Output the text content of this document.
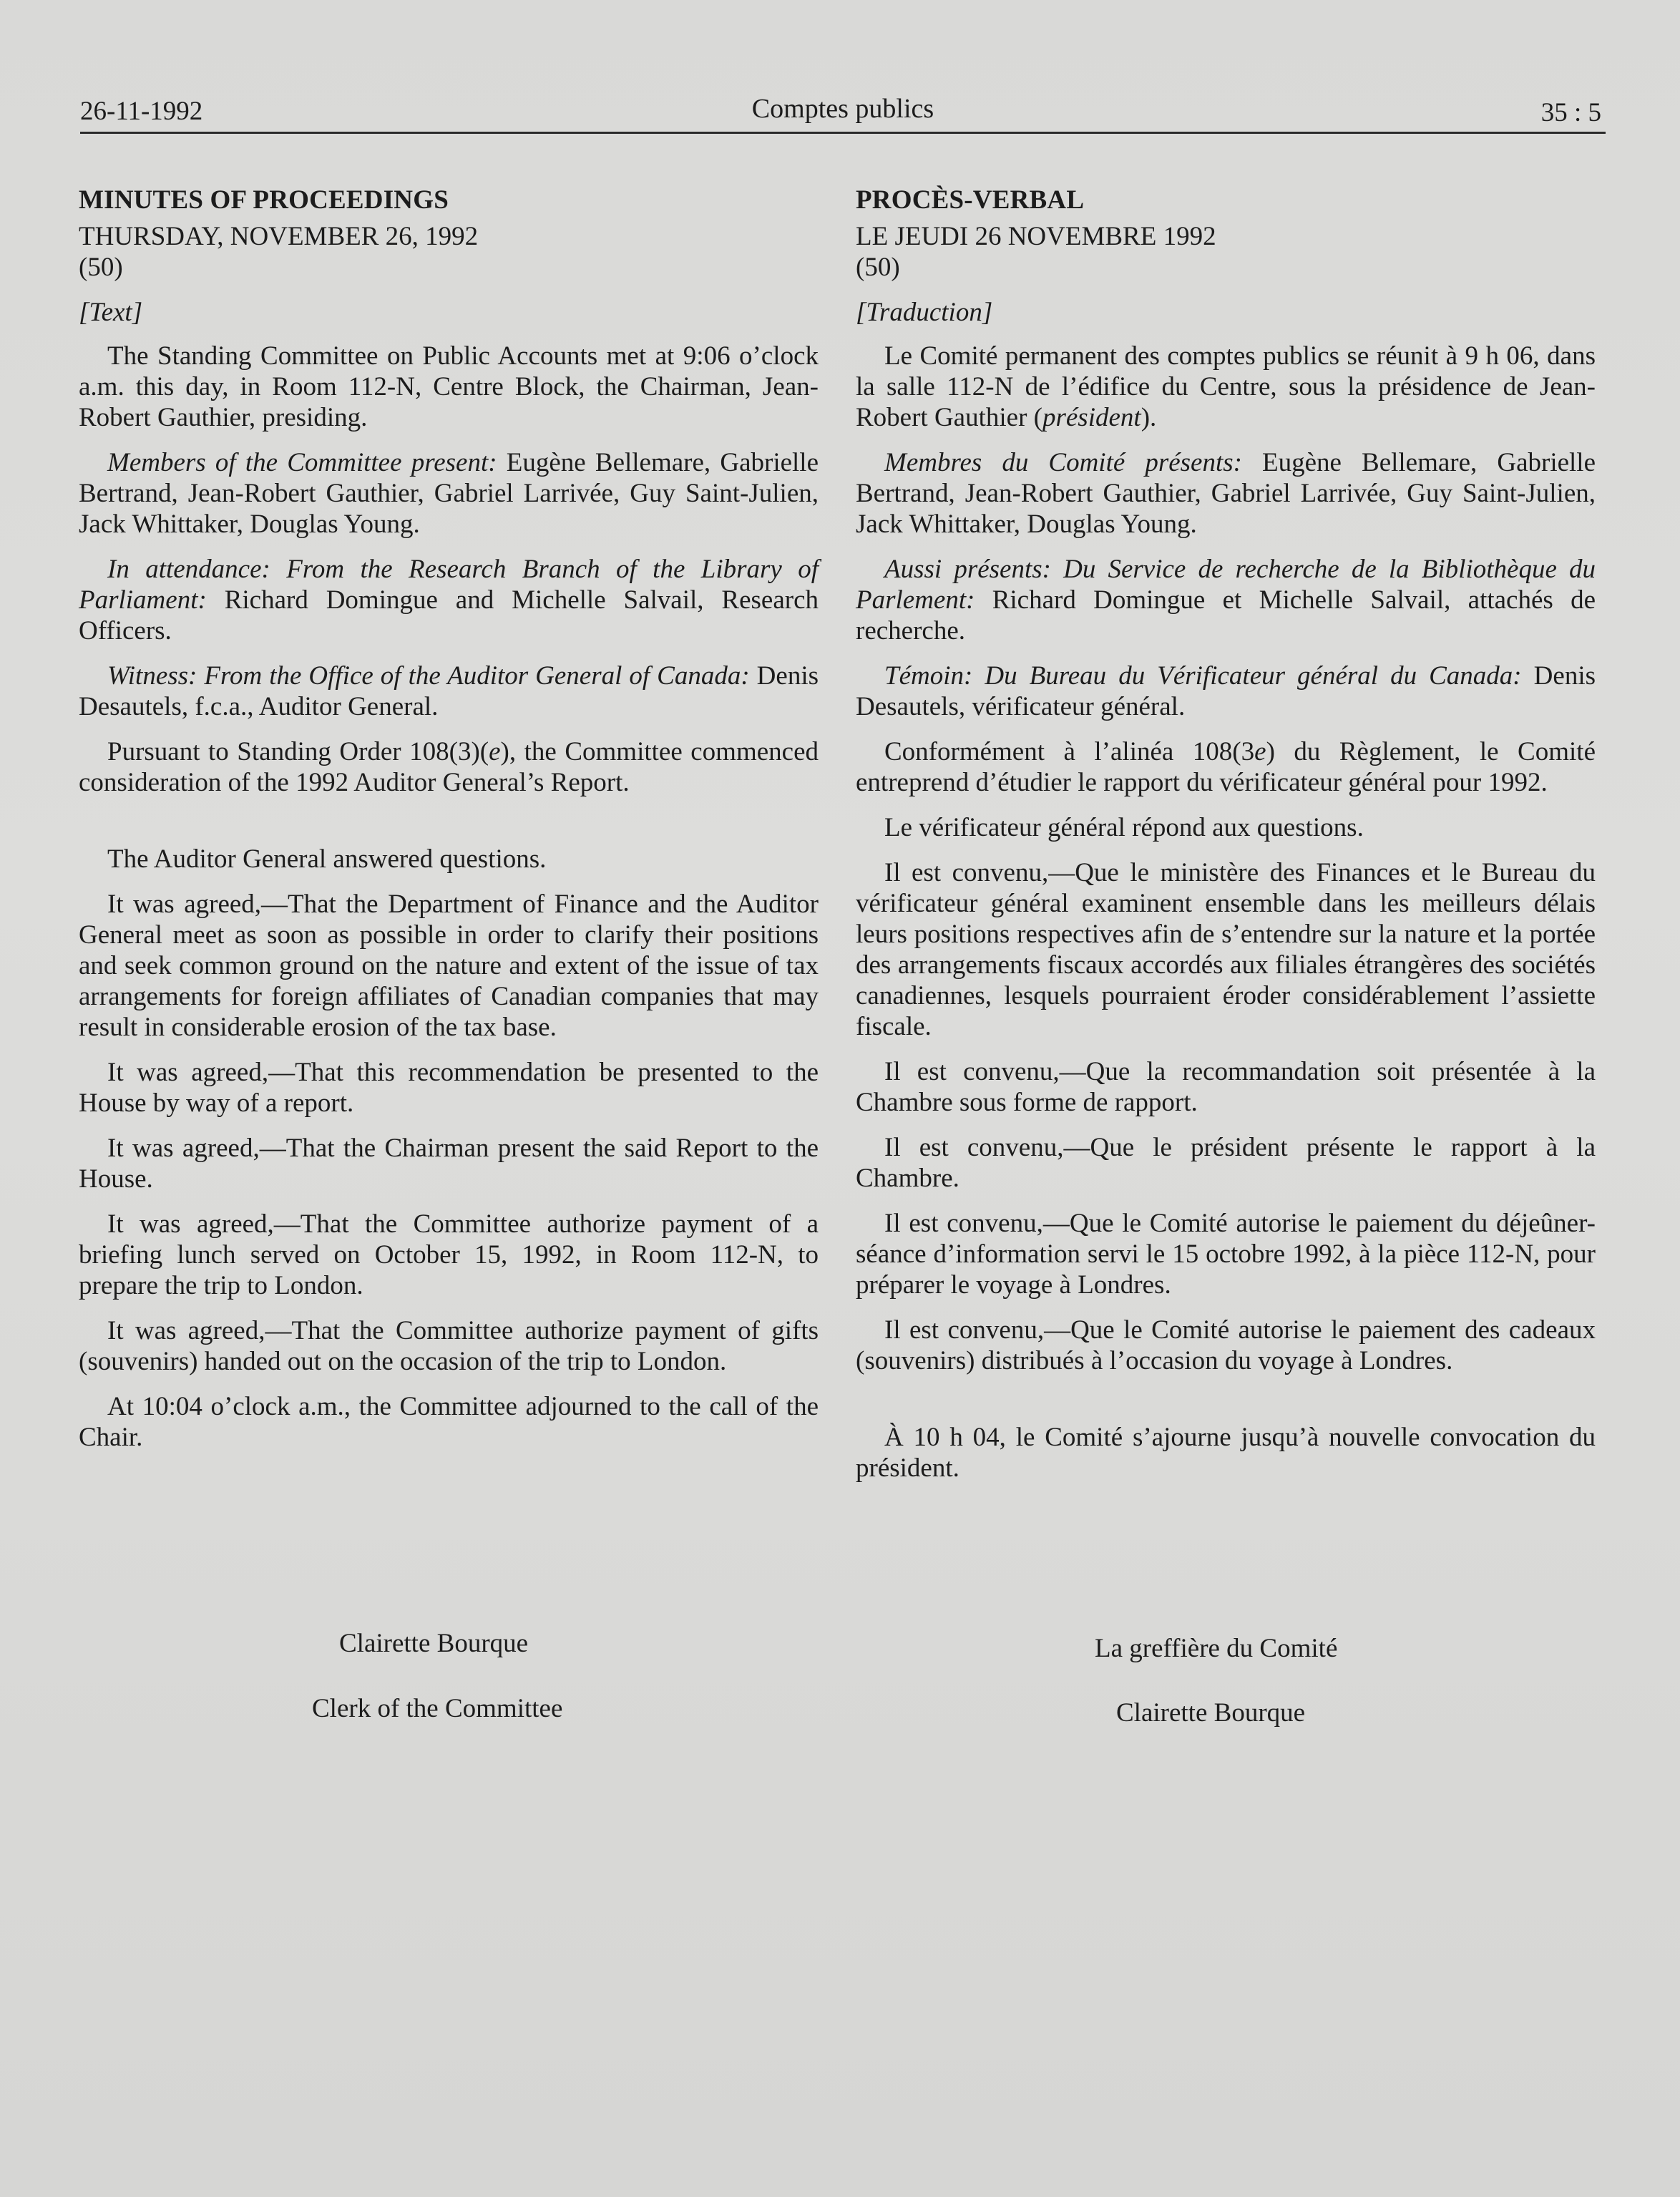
26-11-1992	Comptes publics	35 : 5
MINUTES OF PROCEEDINGS
THURSDAY, NOVEMBER 26, 1992
(50)
[Text]

The Standing Committee on Public Accounts met at 9:06 o’clock a.m. this day, in Room 112-N, Centre Block, the Chairman, Jean-Robert Gauthier, presiding.

Members of the Committee present: Eugène Bellemare, Gabrielle Bertrand, Jean-Robert Gauthier, Gabriel Larrivée, Guy Saint-Julien, Jack Whittaker, Douglas Young.

In attendance: From the Research Branch of the Library of Parliament: Richard Domingue and Michelle Salvail, Research Officers.

Witness: From the Office of the Auditor General of Canada: Denis Desautels, f.c.a., Auditor General.

Pursuant to Standing Order 108(3)(e), the Committee commenced consideration of the 1992 Auditor General’s Report.

The Auditor General answered questions.

It was agreed,—That the Department of Finance and the Auditor General meet as soon as possible in order to clarify their positions and seek common ground on the nature and extent of the issue of tax arrangements for foreign affiliates of Canadian companies that may result in considerable erosion of the tax base.

It was agreed,—That this recommendation be presented to the House by way of a report.

It was agreed,—That the Chairman present the said Report to the House.

It was agreed,—That the Committee authorize payment of a briefing lunch served on October 15, 1992, in Room 112-N, to prepare the trip to London.

It was agreed,—That the Committee authorize payment of gifts (souvenirs) handed out on the occasion of the trip to London.

At 10:04 o’clock a.m., the Committee adjourned to the call of the Chair.

Clairette Bourque
Clerk of the Committee
PROCÈS-VERBAL
LE JEUDI 26 NOVEMBRE 1992
(50)
[Traduction]

Le Comité permanent des comptes publics se réunit à 9 h 06, dans la salle 112-N de l’édifice du Centre, sous la présidence de Jean-Robert Gauthier (président).

Membres du Comité présents: Eugène Bellemare, Gabrielle Bertrand, Jean-Robert Gauthier, Gabriel Larrivée, Guy Saint-Julien, Jack Whittaker, Douglas Young.

Aussi présents: Du Service de recherche de la Bibliothèque du Parlement: Richard Domingue et Michelle Salvail, attachés de recherche.

Témoin: Du Bureau du Vérificateur général du Canada: Denis Desautels, vérificateur général.

Conformément à l’alinéa 108(3e) du Règlement, le Comité entreprend d’étudier le rapport du vérificateur général pour 1992.

Le vérificateur général répond aux questions.

Il est convenu,—Que le ministère des Finances et le Bureau du vérificateur général examinent ensemble dans les meilleurs délais leurs positions respectives afin de s’entendre sur la nature et la portée des arrangements fiscaux accordés aux filiales étrangères des sociétés canadiennes, lesquels pourraient éroder considérablement l’assiette fiscale.

Il est convenu,—Que la recommandation soit présentée à la Chambre sous forme de rapport.

Il est convenu,—Que le président présente le rapport à la Chambre.

Il est convenu,—Que le Comité autorise le paiement du déjeûner-séance d’information servi le 15 octobre 1992, à la pièce 112-N, pour préparer le voyage à Londres.

Il est convenu,—Que le Comité autorise le paiement des cadeaux (souvenirs) distribués à l’occasion du voyage à Londres.

À 10 h 04, le Comité s’ajourne jusqu’à nouvelle convocation du président.

La greffière du Comité
Clairette Bourque
